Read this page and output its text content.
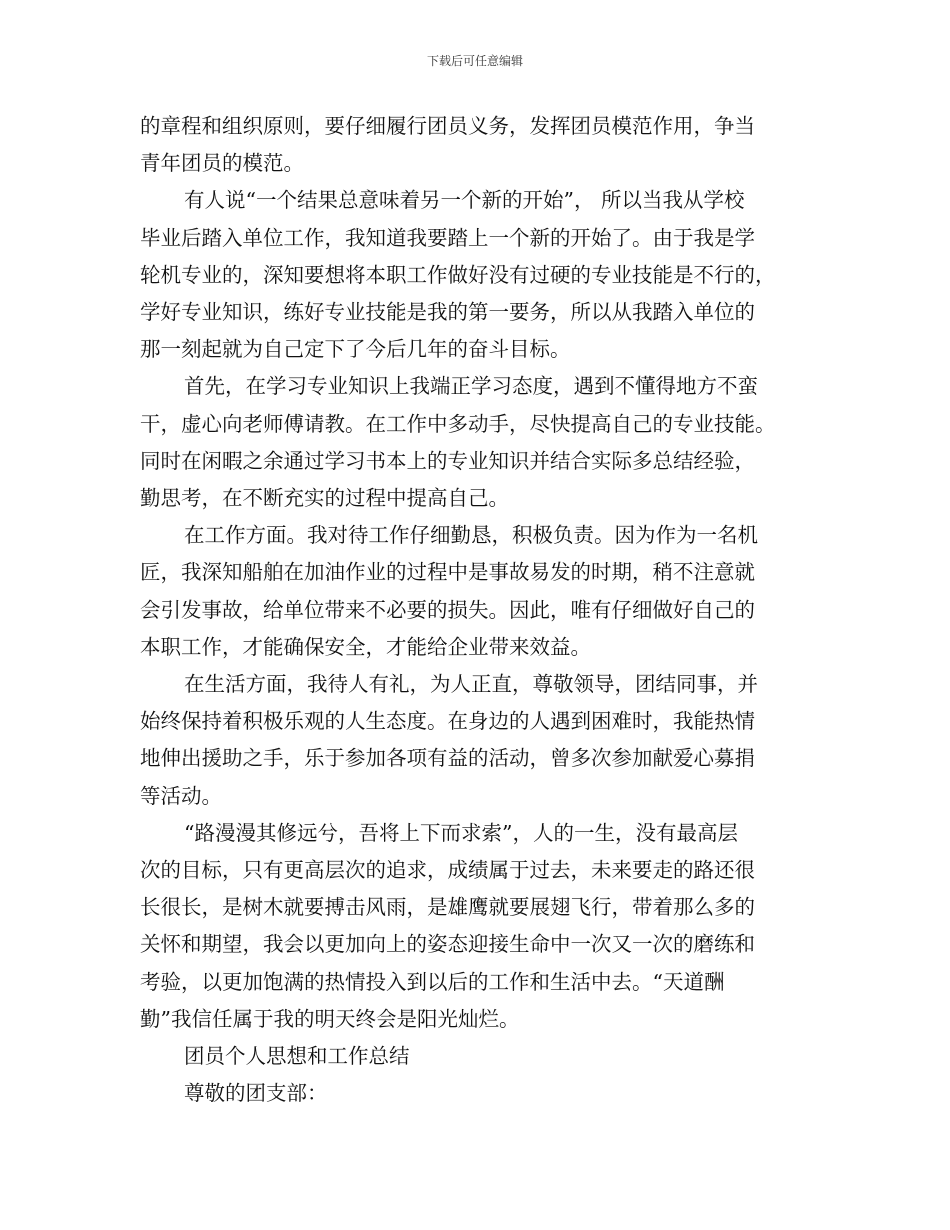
下载后可任意编辑
的章程和组织原则，要仔细履行团员义务，发挥团员模范作用，争当
青年团员的模范。
有人说“一个结果总意味着另一个新的开始”， 所以当我从学校
毕业后踏入单位工作，我知道我要踏上一个新的开始了。由于我是学
轮机专业的，深知要想将本职工作做好没有过硬的专业技能是不行的，
学好专业知识，练好专业技能是我的第一要务，所以从我踏入单位的
那一刻起就为自己定下了今后几年的奋斗目标。
首先，在学习专业知识上我端正学习态度，遇到不懂得地方不蛮
干，虚心向老师傅请教。在工作中多动手，尽快提高自己的专业技能。
同时在闲暇之余通过学习书本上的专业知识并结合实际多总结经验，
勤思考，在不断充实的过程中提高自己。
在工作方面。我对待工作仔细勤恳，积极负责。因为作为一名机
匠，我深知船舶在加油作业的过程中是事故易发的时期，稍不注意就
会引发事故，给单位带来不必要的损失。因此，唯有仔细做好自己的
本职工作，才能确保安全，才能给企业带来效益。
在生活方面，我待人有礼，为人正直，尊敬领导，团结同事，并
始终保持着积极乐观的人生态度。在身边的人遇到困难时，我能热情
地伸出援助之手，乐于参加各项有益的活动，曾多次参加献爱心募捐
等活动。
“路漫漫其修远兮，吾将上下而求索”，人的一生，没有最高层
次的目标，只有更高层次的追求，成绩属于过去，未来要走的路还很
长很长，是树木就要搏击风雨，是雄鹰就要展翅飞行，带着那么多的
关怀和期望，我会以更加向上的姿态迎接生命中一次又一次的磨练和
考验，以更加饱满的热情投入到以后的工作和生活中去。“天道酬
勤”我信任属于我的明天终会是阳光灿烂。
团员个人思想和工作总结
尊敬的团支部：
